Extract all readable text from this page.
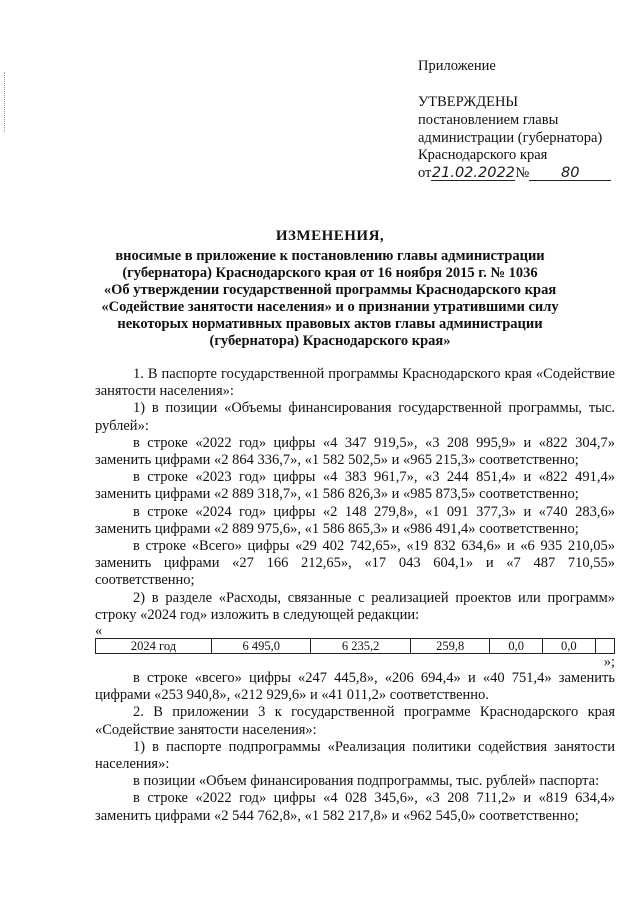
Приложение
УТВЕРЖДЕНЫ
постановлением главы
администрации (губернатора)
Краснодарского края
от21.02.2022№ 80
ИЗМЕНЕНИЯ,
вносимые в приложение к постановлению главы администрации
(губернатора) Краснодарского края от 16 ноября 2015 г. № 1036
«Об утверждении государственной программы Краснодарского края
«Содействие занятости населения» и о признании утратившими силу
некоторых нормативных правовых актов главы администрации
(губернатора) Краснодарского края»

1. В паспорте государственной программы Краснодарского края «Содействие занятости населения»:

1) в позиции «Объемы финансирования государственной программы, тыс. рублей»:

в строке «2022 год» цифры «4 347 919,5», «3 208 995,9» и «822 304,7» заменить цифрами «2 864 336,7», «1 582 502,5» и «965 215,3» соответственно;

в строке «2023 год» цифры «4 383 961,7», «3 244 851,4» и «822 491,4» заменить цифрами «2 889 318,7», «1 586 826,3» и «985 873,5» соответственно;

в строке «2024 год» цифры «2 148 279,8», «1 091 377,3» и «740 283,6» заменить цифрами «2 889 975,6», «1 586 865,3» и «986 491,4» соответственно;

в строке «Всего» цифры «29 402 742,65», «19 832 634,6» и «6 935 210,05» заменить цифрами «27 166 212,65», «17 043 604,1» и «7 487 710,55» соответственно;

2) в разделе «Расходы, связанные с реализацией проектов или программ» строку «2024 год» изложить в следующей редакции:

«

2024 год	6 495,0	6 235,2	259,8	0,0	0,0	

»;

в строке «всего» цифры «247 445,8», «206 694,4» и «40 751,4» заменить цифрами «253 940,8», «212 929,6» и «41 011,2» соответственно.

2. В приложении 3 к государственной программе Краснодарского края «Содействие занятости населения»:

1) в паспорте подпрограммы «Реализация политики содействия занятости населения»:

в позиции «Объем финансирования подпрограммы, тыс. рублей» паспорта:

в строке «2022 год» цифры «4 028 345,6», «3 208 711,2» и «819 634,4» заменить цифрами «2 544 762,8», «1 582 217,8» и «962 545,0» соответственно;
